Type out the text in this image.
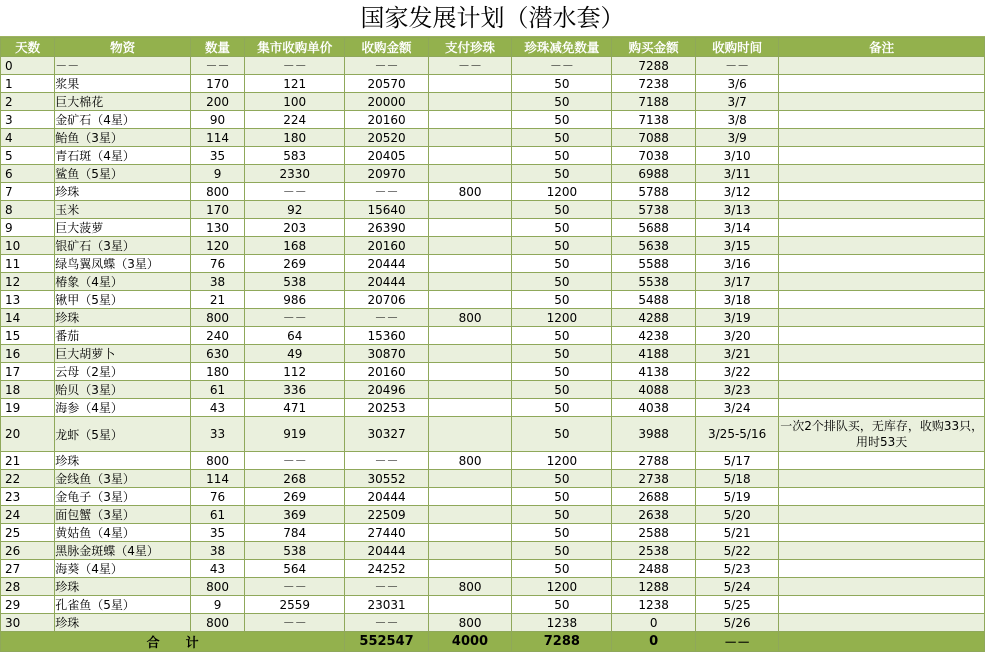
国家发展计划（潜水套）
天数	物资	数量	集市收购单价	收购金额	支付珍珠	珍珠减免数量	购买金额	收购时间	备注
0	－－	－－	－－	－－	－－	－－	7288	－－	
1	浆果	170	121	20570		50	7238	3/6	
2	巨大棉花	200	100	20000		50	7188	3/7	
3	金矿石（4星）	90	224	20160		50	7138	3/8	
4	鲐鱼（3星）	114	180	20520		50	7088	3/9	
5	青石斑（4星）	35	583	20405		50	7038	3/10	
6	鲨鱼（5星）	9	2330	20970		50	6988	3/11	
7	珍珠	800	－－	－－	800	1200	5788	3/12	
8	玉米	170	92	15640		50	5738	3/13	
9	巨大菠萝	130	203	26390		50	5688	3/14	
10	银矿石（3星）	120	168	20160		50	5638	3/15	
11	绿鸟翼凤蝶（3星）	76	269	20444		50	5588	3/16	
12	椿象（4星）	38	538	20444		50	5538	3/17	
13	锹甲（5星）	21	986	20706		50	5488	3/18	
14	珍珠	800	－－	－－	800	1200	4288	3/19	
15	番茄	240	64	15360		50	4238	3/20	
16	巨大胡萝卜	630	49	30870		50	4188	3/21	
17	云母（2星）	180	112	20160		50	4138	3/22	
18	贻贝（3星）	61	336	20496		50	4088	3/23	
19	海参（4星）	43	471	20253		50	4038	3/24	
20	龙虾（5星）	33	919	30327		50	3988	3/25-5/16	一次2个排队买，无库存，收购33只，用时53天
21	珍珠	800	－－	－－	800	1200	2788	5/17	
22	金线鱼（3星）	114	268	30552		50	2738	5/18	
23	金龟子（3星）	76	269	20444		50	2688	5/19	
24	面包蟹（3星）	61	369	22509		50	2638	5/20	
25	黄姑鱼（4星）	35	784	27440		50	2588	5/21	
26	黑脉金斑蝶（4星）	38	538	20444		50	2538	5/22	
27	海葵（4星）	43	564	24252		50	2488	5/23	
28	珍珠	800	－－	－－	800	1200	1288	5/24	
29	孔雀鱼（5星）	9	2559	23031		50	1238	5/25	
30	珍珠	800	－－	－－	800	1238	0	5/26	
合　　计				552547	4000	7288	0	－－	
